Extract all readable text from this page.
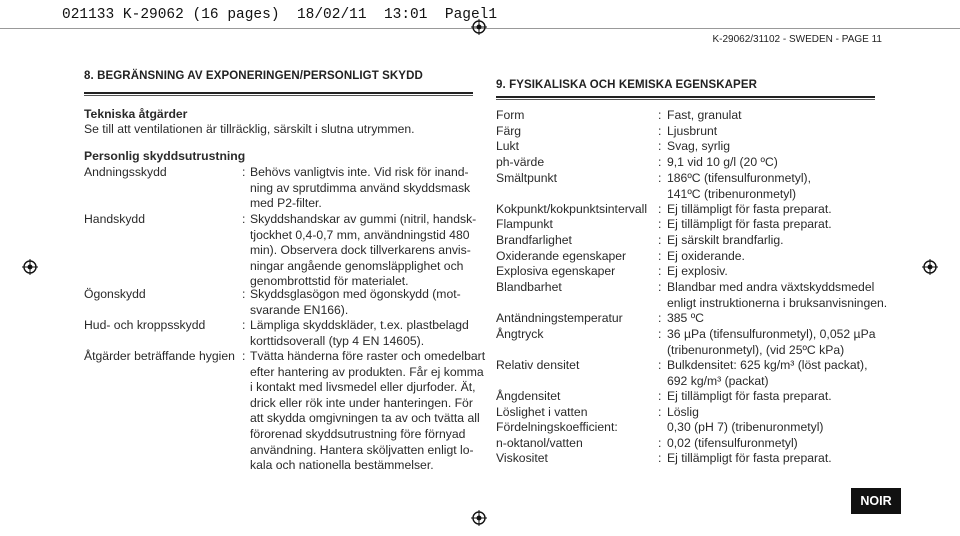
021133 K-29062 (16 pages)  18/02/11  13:01  Pagel1
K-29062/31102 - SWEDEN - PAGE 11
8. BEGRÄNSNING AV EXPONERINGEN/PERSONLIGT SKYDD
Tekniska åtgärder
Se till att ventilationen är tillräcklig, särskilt i slutna utrymmen.
Personlig skyddsutrustning
Andningsskydd	: Behövs vanligtvis inte. Vid risk för inand-
ning av sprutdimma använd skyddsmask
med P2-filter.
Handskydd	: Skyddshandskar av gummi (nitril, handsk-
tjockhet 0,4-0,7 mm, användningstid 480
min). Observera dock tillverkarens anvis-
ningar angående genomsläpplighet och
genombrottstid för materialet.
Ögonskydd	: Skyddsglasögon med ögonskydd (mot-
svarande EN166).
Hud- och kroppsskydd	: Lämpliga skyddskläder, t.ex. plastbelagd
korttidsoverall (typ 4 EN 14605).
Åtgärder beträffande hygien : Tvätta händerna före raster och omedelbart
efter hantering av produkten. Får ej komma
i kontakt med livsmedel eller djurfoder. Ät,
drick eller rök inte under hanteringen. För
att skydda omgivningen ta av och tvätta all
förorenad skyddsutrustning före förnyad
användning. Hantera sköljvatten enligt lo-
kala och nationella bestämmelser.
9. FYSIKALISKA OCH KEMISKA EGENSKAPER
Form	: Fast, granulat
Färg	: Ljusbrunt
Lukt	: Svag, syrlig
ph-värde	: 9,1 vid 10 g/l (20 ºC)
Smältpunkt	: 186ºC (tifensulfuronmetyl),
141ºC (tribenuronmetyl)
Kokpunkt/kokpunktsintervall : Ej tillämpligt för fasta preparat.
Flampunkt	: Ej tillämpligt för fasta preparat.
Brandfarlighet	: Ej särskilt brandfarlig.
Oxiderande egenskaper	: Ej oxiderande.
Explosiva egenskaper	: Ej explosiv.
Blandbarhet	: Blandbar med andra växtskyddsmedel
enligt instruktionerna i bruksanvisningen.
Antändningstemperatur	: 385 ºC
Ångtryck	: 36 µPa (tifensulfuronmetyl), 0,052 µPa
(tribenuronmetyl), (vid 25ºC kPa)
Relativ densitet	: Bulkdensitet: 625 kg/m³ (löst packat),
692 kg/m³ (packat)
Ångdensitet	: Ej tillämpligt för fasta preparat.
Löslighet i vatten	: Löslig
Fördelningskoefficient:	0,30 (pH 7) (tribenuronmetyl)
n-oktanol/vatten	: 0,02 (tifensulfuronmetyl)
Viskositet	: Ej tillämpligt för fasta preparat.
NOIR
